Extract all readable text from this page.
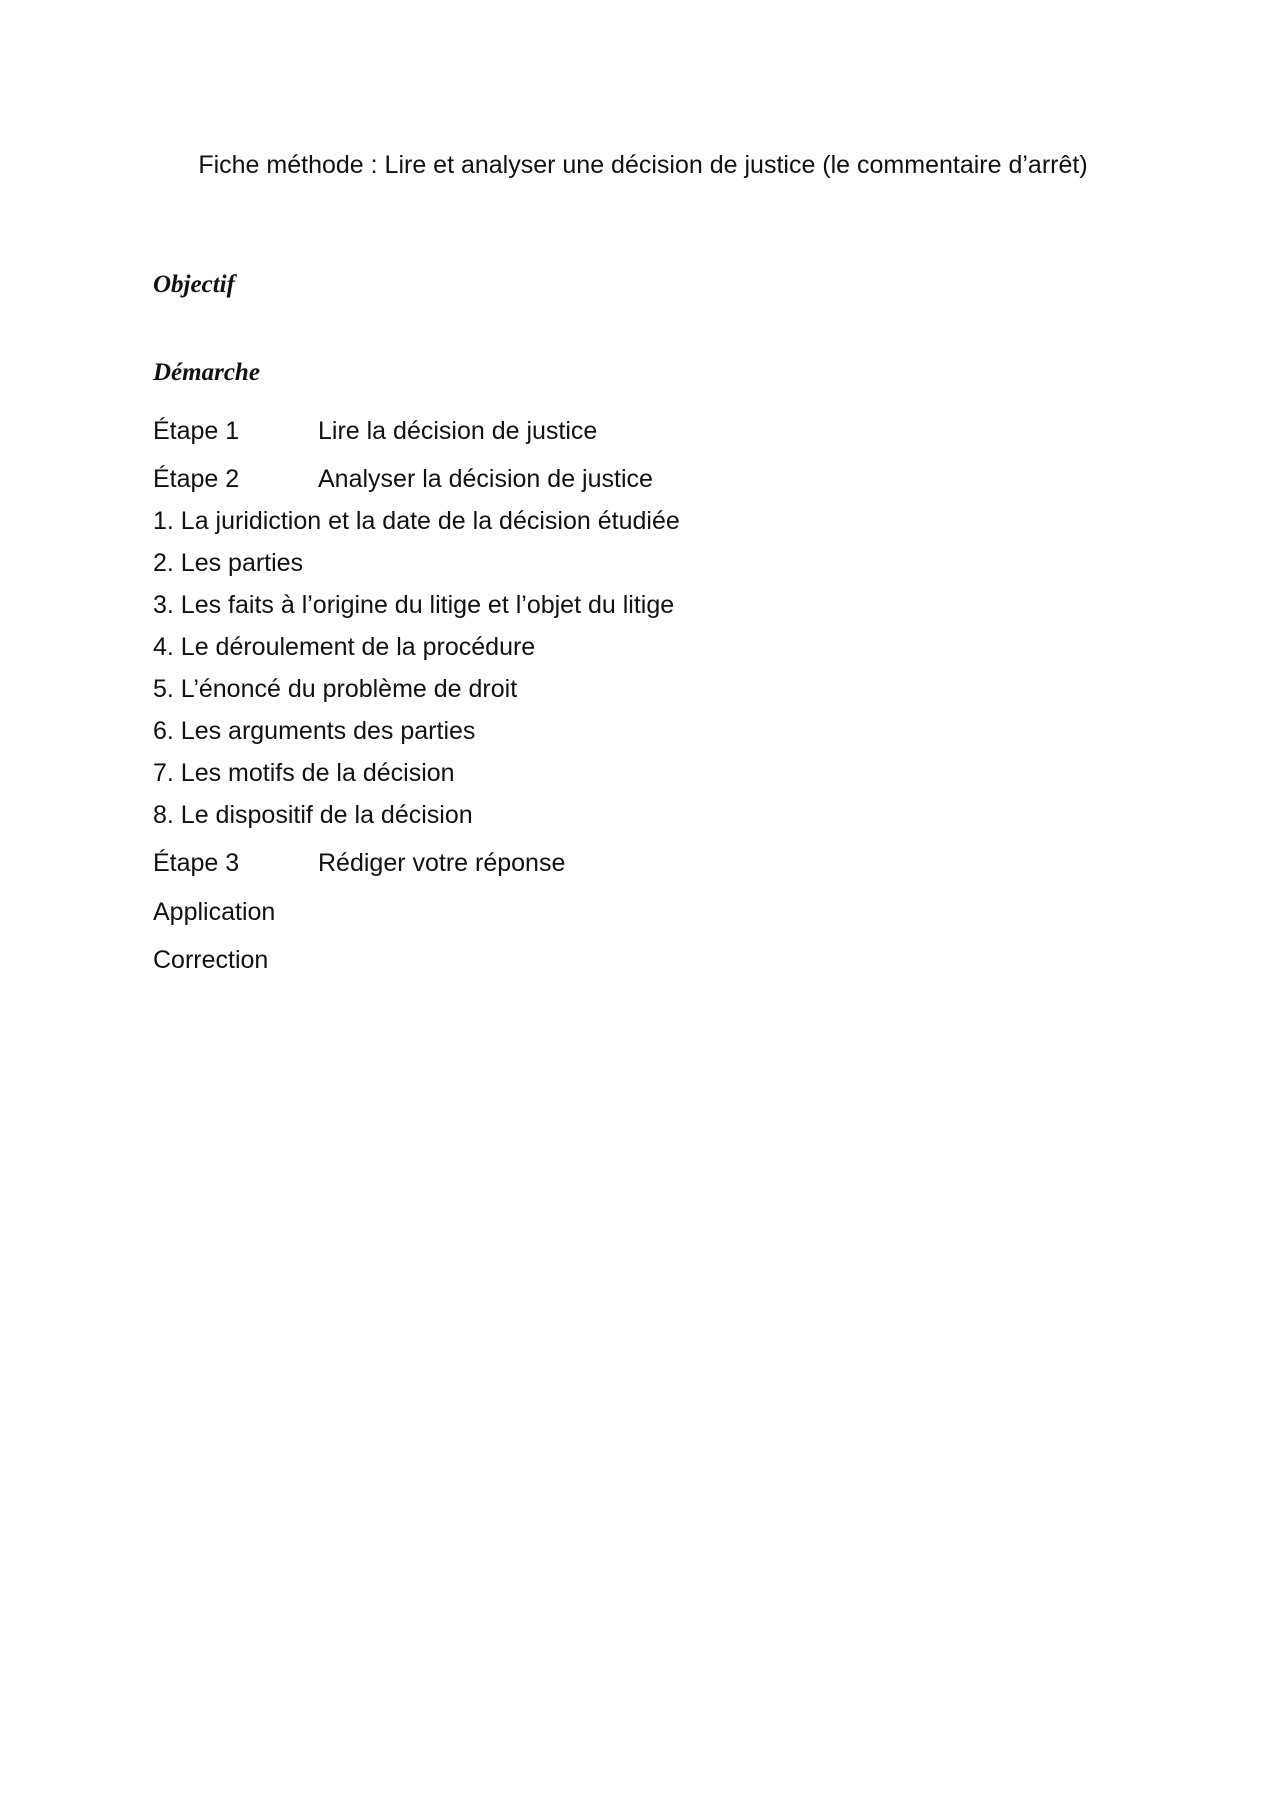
Fiche méthode : Lire et analyser une décision de justice (le commentaire d’arrêt)
Objectif
Démarche
Étape 1	Lire la décision de justice
Étape 2	Analyser la décision de justice
1. La juridiction et la date de la décision étudiée
2. Les parties
3. Les faits à l’origine du litige et l’objet du litige
4. Le déroulement de la procédure
5. L’énoncé du problème de droit
6. Les arguments des parties
7. Les motifs de la décision
8. Le dispositif de la décision
Étape 3	Rédiger votre réponse
Application
Correction
